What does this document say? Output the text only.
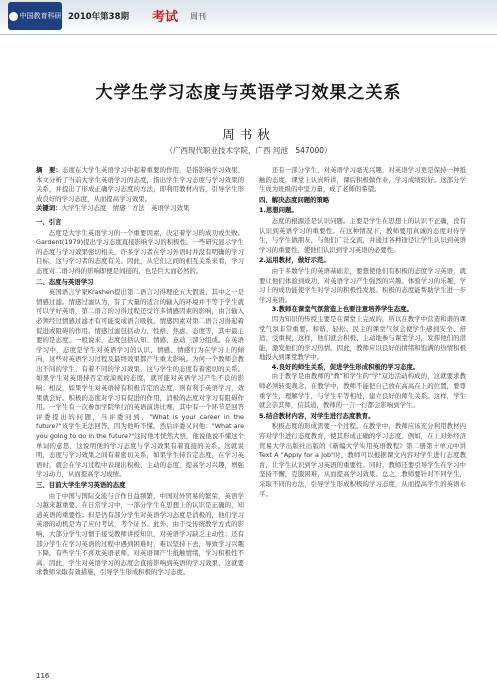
中国教育科研 2010年第38期 考试 周刊
大学生学习态度与英语学习效果之关系
周书秋
（广西现代职业技术学院，广西 河池　547000）

摘　要：态度在大学生英语学习中起着重要的作用，是指影响学习效果、本文分析了当前大学生英语学习的态度，指出学生学习态度与学习效果的关系，并提出了形成正确学习态度的方法，即利用教材内容，引导学生形成良好的学习态度，从而提高学习效果。

关键词：大学生学习态度　情感　方法　英语学习效果

一、引言

态度是大学生英语学习的一个重要因素，决定着学习的成功或失败。Gardent(1979)提出学习态度直接影响学习的积极性。一些研究显示学生的态度与学习效果密切相关，许多学习者在学习外语时并没有明确的学习目标，这与学习者的态度有关。因此，从它们之间的相互关系来看，学习态度对二语习得的影响即便是间接的，也是巨大而必然的。

二、态度与英语学习

英国语言学家Krashen提出第二语言习得理论五大假说，其中之一是情感过滤。情感过滤认为，有了大量的适合的输入的环境并不等于学生就可以学好英语，第二语言的习得过程还受许多情感因素的影响，由言输入必须经过情感过滤才有可能变成语言吸收。情感因素对第二语言习得起着促进或阻碍的作用。情感过滤包括动力、性格、焦虑、态度等，其中最主要的是态度。一般说来，态度包括认知、情感、意动三部分组成。在英语学习中，态度是学生对英语学习的认识、情感、情感行为在学习上的倾向，这些对英语学习过程及最终效果都产生重大影响。为何一个教师会教出不同的学生，有着不同的学习效果，这与学生的态度有着密切的关系。如果学生对英语持否定或漠视的态度，就可能对英语学习产生不良的影响；相反，如果学生对英语持有积极肯定的态度，则有利于英语学习，效果就会好。积极的态度对学习有促进的作用，消极的态度对学习有阻碍作用。一学生有一次参加学院举行的英语演讲比赛，其中有一个环节是回答评委提出的问题，当评委问到，"What is your career in the future?"该学生无法回答，因为他听不懂。然后评委又问他："What are you going to do in the future?"这时他才恍然大悟，他说他说不懂这个单词的意思，这说明他的学习态度与学习效果有着直接的关系。这就说明，态度与学习效果之间有着密切关系，如果学生持肯定态度，在学习英语时，就会在学习过程中表现出积极、主动的态度，提高学习兴趣，增强学习动力，从而提高学习成绩。

三、目前大学生学习英语的态度

由于中国与国际交流与合作日益频繁，中国对外贸易的繁荣，英语学习越来越重要。在日常学习中，一部分学生在思想上的认识是正确的，知道英语的重要性；但是仍有部分学生对英语学习态度是消极的，他们学习英语的动机是为了应付考试，考个证书。此外，由于受传统教学方式的影响，大部分学生习惯于接受教师讲授知识，对英语学习缺乏主动性；还有部分学生在学习英语的过程中遇到困难时，难以坚持下去，导致学习兴趣下降。有些学生不喜欢英语老师，对英语课产生抵触情绪，学习积极性不高。因此，学生对英语学习的态度会直接影响到英语的学习效果，这就要求教师采取有效措施，引导学生形成积极的学习态度。

还有一部分学生，对英语学习毫无兴趣，对英语学习更是保持一种抵触的态度，课堂上认真听讲，课后积极做作业，学习成绩较好。这部分学生成为班级的中坚力量，成了老师的希望。

四、解决态度问题的策略

1.思想问题。

态度的根源还是认识问题。主要是学生在思想上的认识不正确，没有认识到英语学习的重要性。在这种情况下，教师要用真诚的态度对待学生，与学生做朋友，与他们广泛交流，并通过各种途径让学生认识到英语学习的重要性，使他们认识到学习英语的必要性。

2.运用教材，做好示范。

由于多数学生的英语基础差，要想使他们有积极的态度学习英语，就要让他们体验到成功，对英语学习产生强烈的兴趣。体验学习的乐趣，学习上的成功能使学生对学习的积极性发展。积极的态度能帮助学生进一步学习英语。

3.教师在课堂气氛营造上也要注意培养学生态度。

因为知识的传授主要是在课堂上完成的，所以在教学中营造和谐的课堂气氛非常重要。和谐、轻松、民主的课堂气氛会使学生感到安全、舒适、受重视，这样，他们就会积极、主动地参与课堂学习，发挥他们的潜能，激发他们的学习热情。因此，教师应以良好的情绪和饱满的热情积极地投入到课堂教学中。

4.良好的师生关系，促进学生形成积极的学习态度。

由于教学是由教师的"教"和学生的"学"双边活动构成的，这就要求教师必须转变观念，在教学中，教师不能把自己放在高高在上的位置，要尊重学生，理解学生，与学生平等相处，建立良好的师生关系。这样，学生就会亲其师，信其道，教师的一言一行都会影响到学生。

5.结合教材内容，对学生进行态度教育。

积极态度的形成需要一个过程。在教学中，教师应该充分利用教材内容对学生进行态度教育，使其形成正确的学习态度。例如，在上对外经济贸易大学出版社出版的《新编大学实用英语教程》第二册第十单元中讲Text A "Apply for a Job"时，教师可以根据课文内容对学生进行态度教育，让学生认识到学习英语的重要性。同时，教师还要引导学生在学习中坚持不懈，克服困难，从而提高学习效果。总之，教师要针对不同学生，采取不同的方法，引导学生形成积极的学习态度，从而提高学生的英语水平。

116
